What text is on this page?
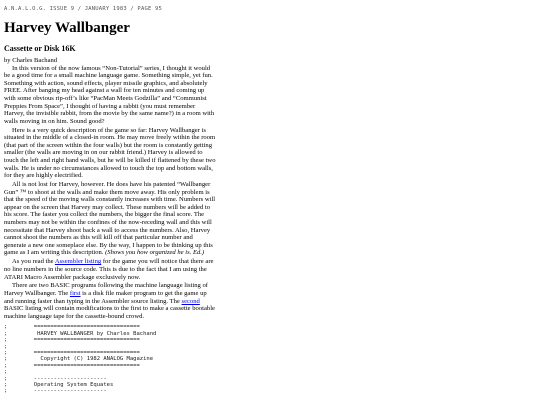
A.N.A.L.O.G. ISSUE 9 / JANUARY 1983 / PAGE 95
Harvey Wallbanger
Cassette or Disk 16K
by Charles Bachand

In this version of the now famous “Non-Tutorial” series, I thought it would be a good time for a small machine language game. Something simple, yet fun. Something with action, sound effects, player missile graphics, and absolutely FREE. After banging my head against a wall for ten minutes and coming up with some obvious rip-off’s like “PacMan Meets Godzilla” and “Communist Preppies From Space”, I thought of having a rabbit (you must remember Harvey, the invisible rabbit, from the movie by the same name?) in a room with walls moving in on him. Sound good?

Here is a very quick description of the game so far: Harvey Wallbanger is situated in the middle of a closed-in room. He may move freely within the room (that part of the screen within the four walls) but the room is constantly getting smaller (the walls are moving in on our rabbit friend.) Harvey is allowed to touch the left and right hand walls, but he will be killed if flattened by these two walls. He is under no circumstances allowed to touch the top and bottom walls, for they are highly electrified.

All is not lost for Harvey, however. He does have his patented “Wallbanger Gun” ™ to shoot at the walls and make them move away. His only problem is that the speed of the moving walls constantly increases with time. Numbers will appear on the screen that Harvey may collect. These numbers will be added to his score. The faster you collect the numbers, the bigger the final score. The numbers may not be within the confines of the now-receding wall and this will necessitate that Harvey shoot back a wall to access the numbers. Also, Harvey cannot shoot the numbers as this will kill off that particular number and generate a new one someplace else. By the way, I happen to be thinking up this game as I am writing this description. (Shows you how organized he is. Ed.)

As you read the Assembler listing for the game you will notice that there are no line numbers in the source code. This is due to the fact that I am using the ATARI Macro Assembler package exclusively now.

There are two BASIC programs following the machine language listing of Harvey Wallbanger. The first is a disk file maker program to get the game up and running faster than typing in the Assembler source listing. The second BASIC listing will contain modifications to the first to make a cassette bootable machine language tape for the cassette-bound crowd.

;        ================================
;         HARVEY WALLBANGER by Charles Bachand
;        ================================
;
;        ================================
;          Copyright (C) 1982 ANALOG Magazine
;        ================================
;
;        ----------------------
;        Operating System Equates
;        ----------------------
